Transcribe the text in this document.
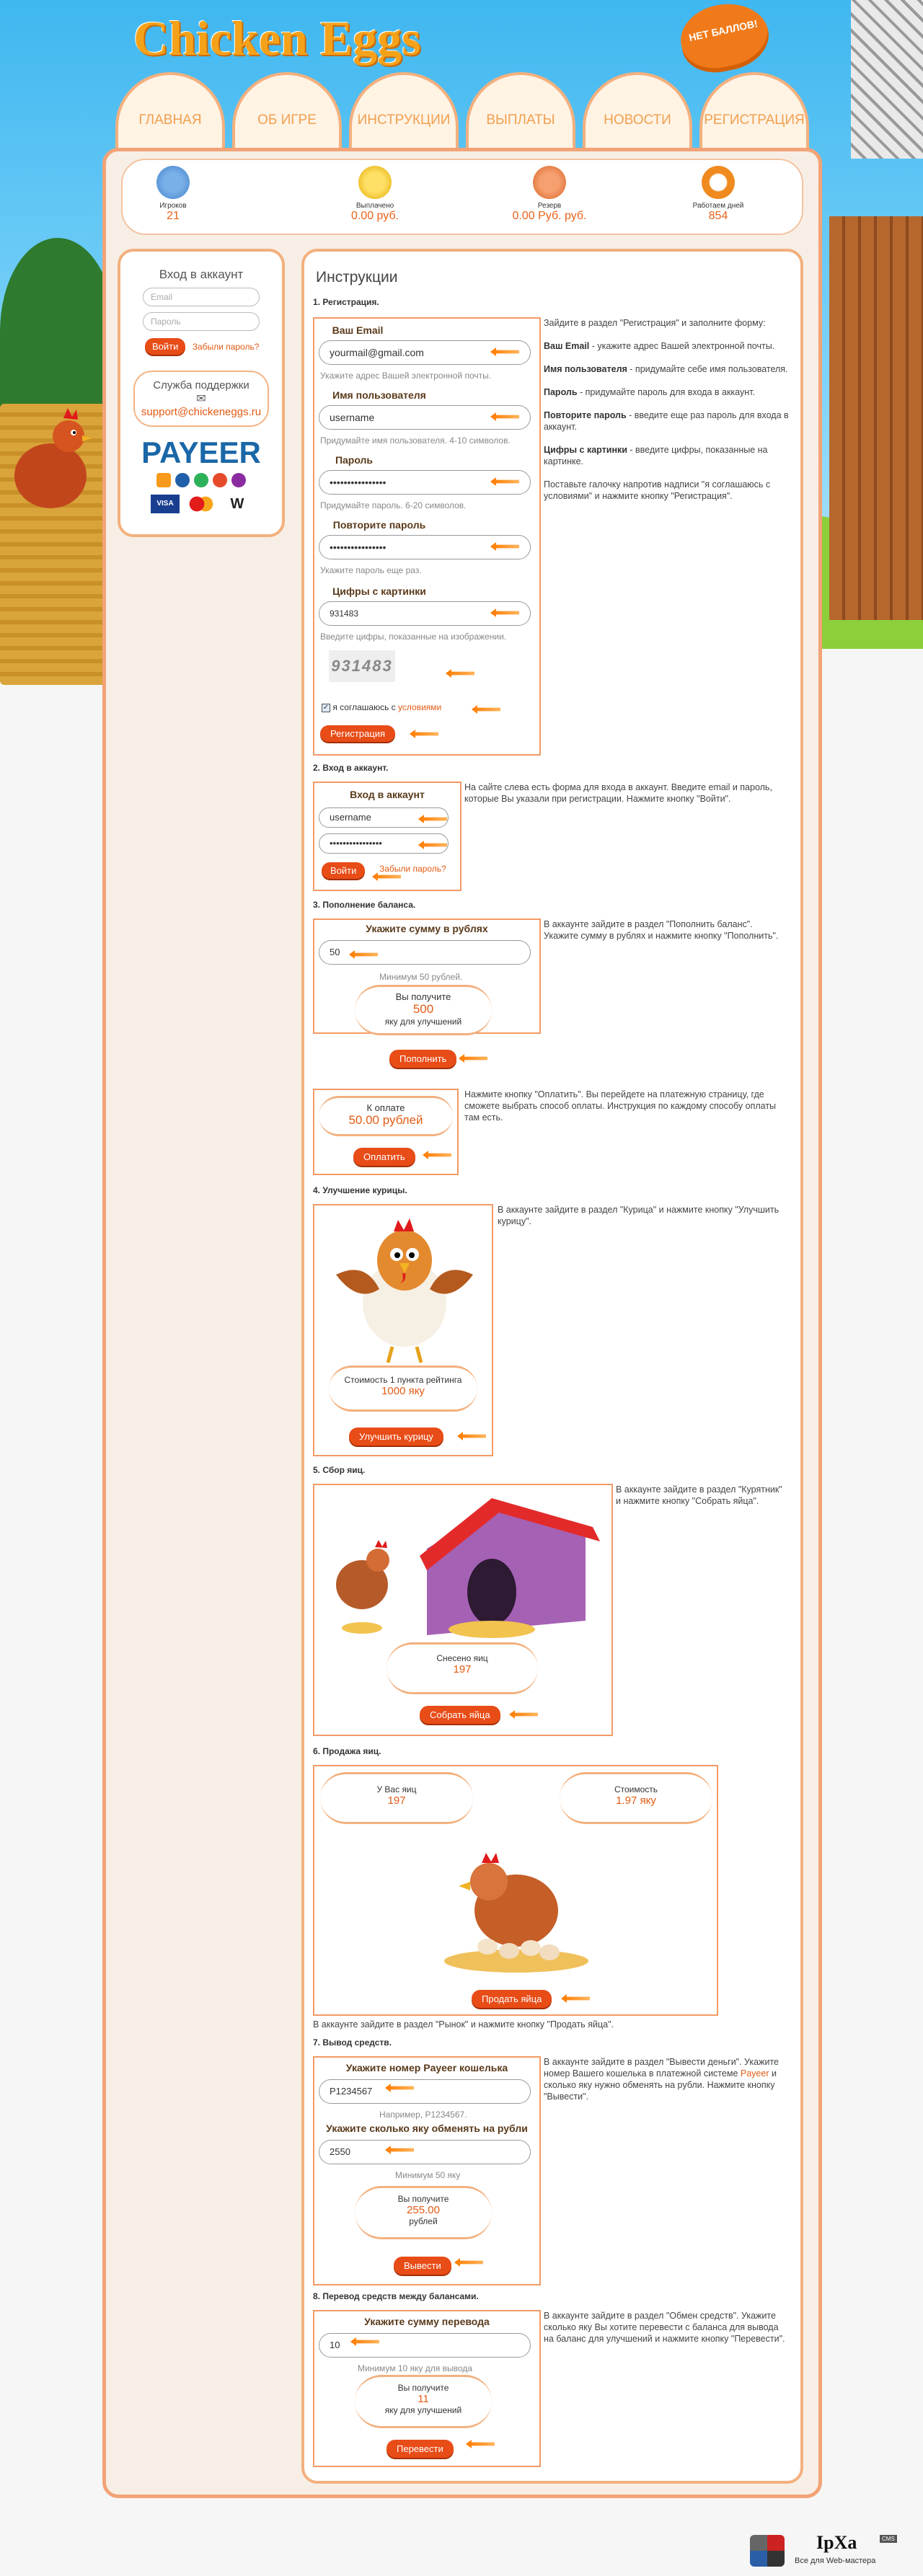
Chicken Eggs	НЕТ БАЛЛОВ!
ГЛАВНАЯ	ОБ ИГРЕ	ИНСТРУКЦИИ	ВЫПЛАТЫ	НОВОСТИ	РЕГИСТРАЦИЯ
Игроков
21
Выплачено
0.00 руб.
Резерв
0.00 Руб. руб.
Работаем дней
854
Вход в аккаунт
Email
Пароль
Войти Забыли пароль?
Служба поддержки
✉
support@chickeneggs.ru
PAYEER
VISA	W
Инструкции
1. Регистрация.
Ваш Email
yourmail@gmail.com
Укажите адрес Вашей электронной почты.
Имя пользователя
username
Придумайте имя пользователя. 4-10 символов.
Пароль
••••••••••••••••
Придумайте пароль. 6-20 символов.
Повторите пароль
••••••••••••••••
Укажите пароль еще раз.
Цифры с картинки
931483
Введите цифры, показанные на изображении.
931483
✓ я соглашаюсь с условиями
Регистрация

Зайдите в раздел "Регистрация" и заполните форму:

Ваш Email - укажите адрес Вашей электронной почты.

Имя пользователя - придумайте себе имя пользователя.

Пароль - придумайте пароль для входа в аккаунт.

Повторите пароль - введите еще раз пароль для входа в аккаунт.

Цифры с картинки - введите цифры, показанные на картинке.

Поставьте галочку напротив надписи "я соглашаюсь с условиями" и нажмите кнопку "Регистрация".

2. Вход в аккаунт.
Вход в аккаунт
username
••••••••••••••••
Войти	Забыли пароль?
На сайте слева есть форма для входа в аккаунт. Введите email и пароль, которые Вы указали при регистрации. Нажмите кнопку "Войти".
3. Пополнение баланса.
Укажите сумму в рублях
50
Минимум 50 рублей.
Вы получите
500
яку для улучшений
Пополнить
В аккаунте зайдите в раздел "Пополнить баланс". Укажите сумму в рублях и нажмите кнопку "Пополнить".
К оплате
50.00 рублей
Оплатить
Нажмите кнопку "Оплатить". Вы перейдете на платежную страницу, где сможете выбрать способ оплаты. Инструкция по каждому способу оплаты там есть.
4. Улучшение курицы.
Стоимость 1 пункта рейтинга
1000 яку
Улучшить курицу
В аккаунте зайдите в раздел "Курица" и нажмите кнопку "Улучшить курицу".
5. Сбор яиц.
Снесено яиц
197
Собрать яйца
В аккаунте зайдите в раздел "Курятник" и нажмите кнопку "Собрать яйца".
6. Продажа яиц.
У Вас яиц
197
Стоимость
1.97 яку
Продать яйца
В аккаунте зайдите в раздел "Рынок" и нажмите кнопку "Продать яйца".
7. Вывод средств.
Укажите номер Payeer кошелька
P1234567
Например, P1234567.
Укажите сколько яку обменять на рубли
2550
Минимум 50 яку
Вы получите
255.00
рублей
Вывести
В аккаунте зайдите в раздел "Вывести деньги". Укажите номер Вашего кошелька в платежной системе Payeer и сколько яку нужно обменять на рубли. Нажмите кнопку "Вывести".
8. Перевод средств между балансами.
Укажите сумму перевода
10
Минимум 10 яку для вывода
Вы получите
11
яку для улучшений
Перевести
В аккаунте зайдите в раздел "Обмен средств". Укажите сколько яку Вы хотите перевести с баланса для вывода на баланс для улучшений и нажмите кнопку "Перевести".
IpXa	CMS
Все для Web-мастера
